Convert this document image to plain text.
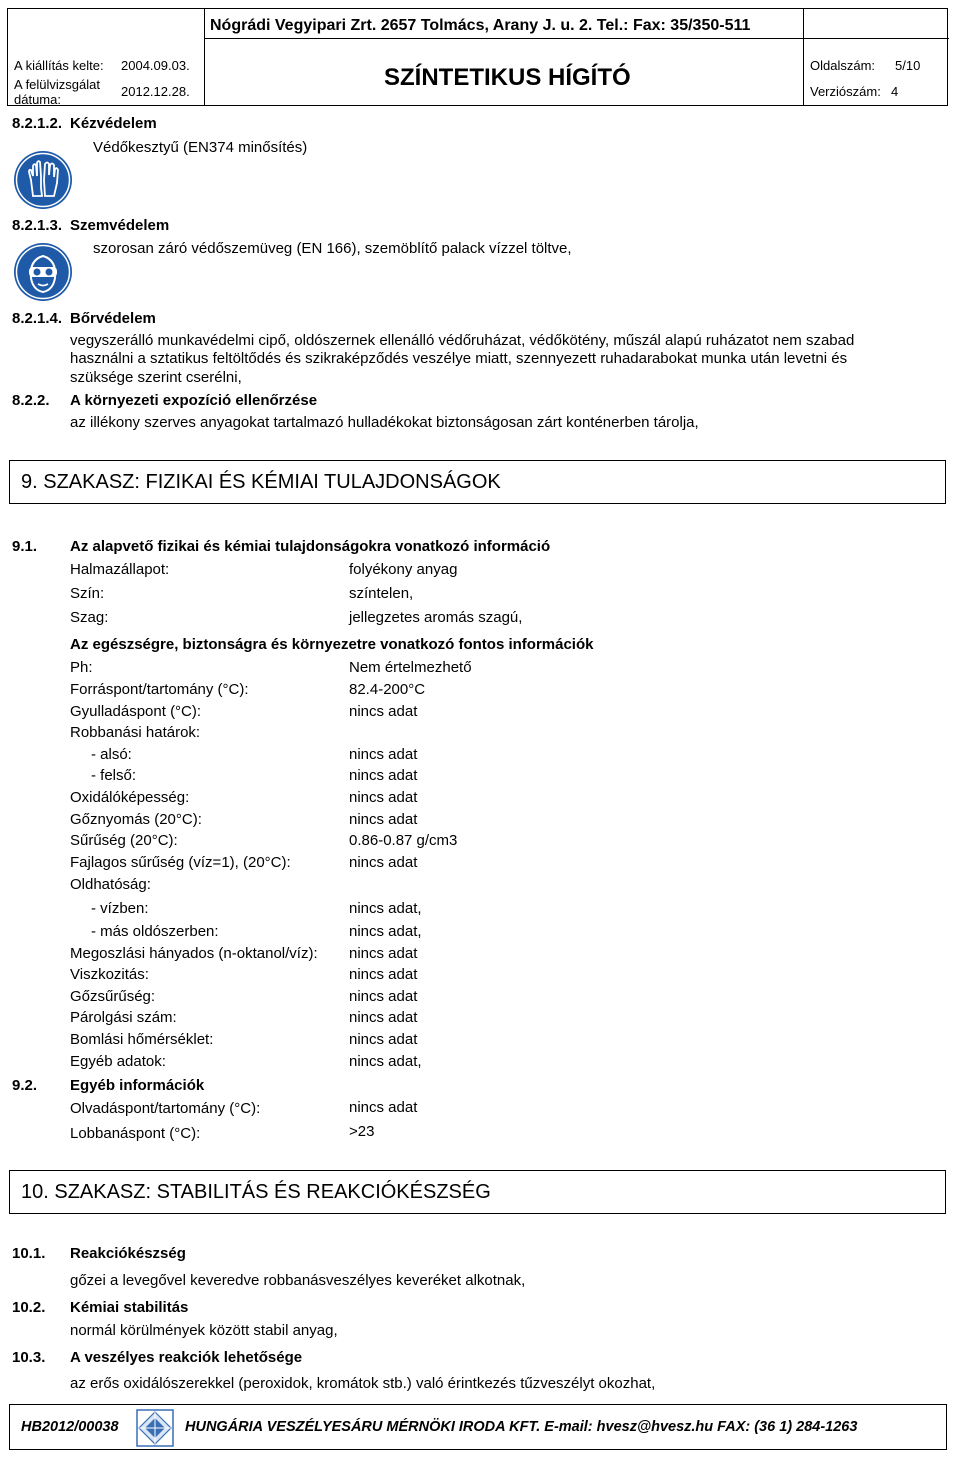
Nógrádi Vegyipari Zrt. 2657 Tolmács, Arany J. u. 2. Tel.: Fax: 35/350-511
A kiállítás kelte: 2004.09.03.
A felülvizsgálat
dátuma:
2012.12.28.
SZÍNTETIKUS HÍGÍTÓ	Oldalszám: 5/10
Verziószám: 4
8.2.1.2. Kézvédelem
Védőkesztyű (EN374 minősítés)
8.2.1.3. Szemvédelem
szorosan záró védőszemüveg (EN 166), szemöblítő palack vízzel töltve,
8.2.1.4. Bőrvédelem
vegyszerálló munkavédelmi cipő, oldószernek ellenálló védőruházat, védőkötény, műszál alapú ruházatot nem szabad
használni a sztatikus feltöltődés és szikraképződés veszélye miatt, szennyezett ruhadarabokat munka után levetni és
szüksége szerint cserélni,
8.2.2. A környezeti expozíció ellenőrzése
az illékony szerves anyagokat tartalmazó hulladékokat biztonságosan zárt konténerben tárolja,
9. SZAKASZ: FIZIKAI ÉS KÉMIAI TULAJDONSÁGOK
9.1. Az alapvető fizikai és kémiai tulajdonságokra vonatkozó információ
Halmazállapot:	folyékony anyag
Szín:	színtelen,
Szag:	jellegzetes aromás szagú,
Az egészségre, biztonságra és környezetre vonatkozó fontos információk
Ph:	Nem értelmezhető
Forráspont/tartomány (°C):	82.4-200°C
Gyulladáspont (°C):	nincs adat
Robbanási határok:
- alsó:	nincs adat
- felső:	nincs adat
Oxidálóképesség:	nincs adat
Gőznyomás (20°C):	nincs adat
Sűrűség (20°C):	0.86-0.87 g/cm3
Fajlagos sűrűség (víz=1), (20°C):	nincs adat
Oldhatóság:
- vízben:	nincs adat,
- más oldószerben:	nincs adat,
Megoszlási hányados (n-oktanol/víz): nincs adat
Viszkozitás:	nincs adat
Gőzsűrűség:	nincs adat
Párolgási szám:	nincs adat
Bomlási hőmérséklet:	nincs adat
Egyéb adatok:	nincs adat,
9.2. Egyéb információk
Olvadáspont/tartomány (°C):	nincs adat
Lobbanáspont (°C):	>23
10. SZAKASZ: STABILITÁS ÉS REAKCIÓKÉSZSÉG
10.1. Reakciókészség
gőzei a levegővel keveredve robbanásveszélyes keveréket alkotnak,
10.2. Kémiai stabilitás
normál körülmények között stabil anyag,
10.3. A veszélyes reakciók lehetősége
az erős oxidálószerekkel (peroxidok, kromátok stb.) való érintkezés tűzveszélyt okozhat,
HB2012/00038	HUNGÁRIA VESZÉLYESÁRU MÉRNÖKI IRODA KFT. E-mail: hvesz@hvesz.hu FAX: (36 1) 284-1263
